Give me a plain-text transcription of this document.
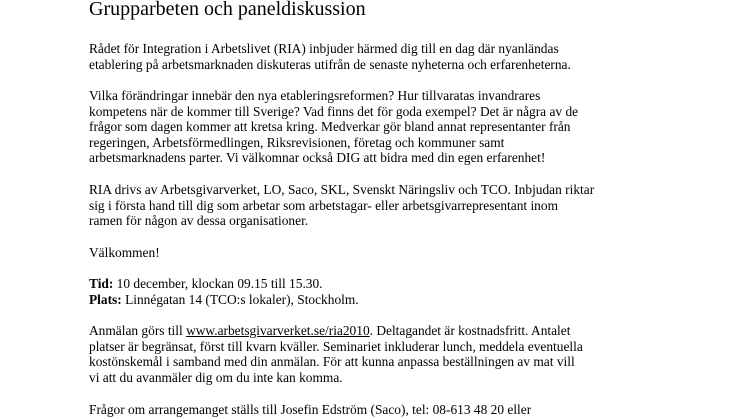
Grupparbeten och paneldiskussion

Rådet för Integration i Arbetslivet (RIA) inbjuder härmed dig till en dag där nyanländas
etablering på arbetsmarknaden diskuteras utifrån de senaste nyheterna och erfarenheterna.

Vilka förändringar innebär den nya etableringsreformen? Hur tillvaratas invandrares
kompetens när de kommer till Sverige? Vad finns det för goda exempel? Det är några av de
frågor som dagen kommer att kretsa kring. Medverkar gör bland annat representanter från
regeringen, Arbetsförmedlingen, Riksrevisionen, företag och kommuner samt
arbetsmarknadens parter. Vi välkomnar också DIG att bidra med din egen erfarenhet!

RIA drivs av Arbetsgivarverket, LO, Saco, SKL, Svenskt Näringsliv och TCO. Inbjudan riktar
sig i första hand till dig som arbetar som arbetstagar- eller arbetsgivarrepresentant inom
ramen för någon av dessa organisationer.

Välkommen!

Tid: 10 december, klockan 09.15 till 15.30.
Plats: Linnégatan 14 (TCO:s lokaler), Stockholm.

Anmälan görs till www.arbetsgivarverket.se/ria2010. Deltagandet är kostnadsfritt. Antalet
platser är begränsat, först till kvarn kväller. Seminariet inkluderar lunch, meddela eventuella
kostönskemål i samband med din anmälan. För att kunna anpassa beställningen av mat vill
vi att du avanmäler dig om du inte kan komma.

Frågor om arrangemanget ställs till Josefin Edström (Saco), tel: 08-613 48 20 eller
